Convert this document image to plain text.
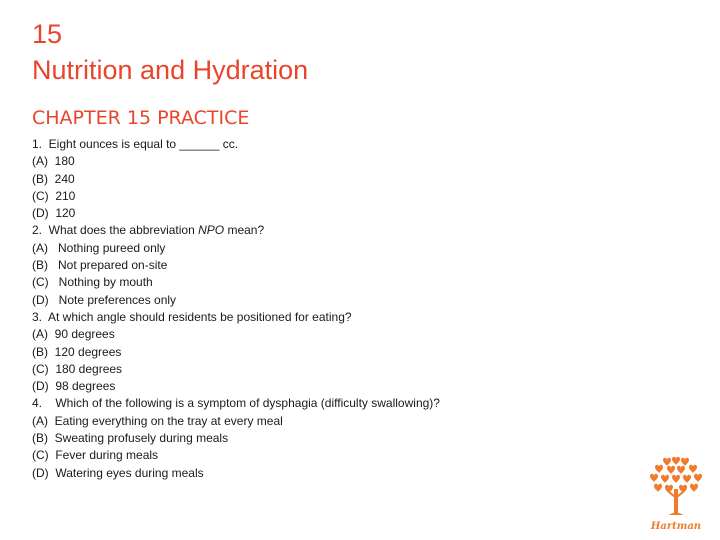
15
Nutrition and Hydration
CHAPTER 15 PRACTICE
1.  Eight ounces is equal to ______ cc.
(A)  180
(B)  240
(C)  210
(D)  120
2.  What does the abbreviation NPO mean?
(A)   Nothing pureed only
(B)   Not prepared on-site
(C)   Nothing by mouth
(D)   Note preferences only
3.  At which angle should residents be positioned for eating?
(A)  90 degrees
(B)  120 degrees
(C)  180 degrees
(D)  98 degrees
4.    Which of the following is a symptom of dysphagia (difficulty swallowing)?
(A)  Eating everything on the tray at every meal
(B)  Sweating profusely during meals
(C)  Fever during meals
(D)  Watering eyes during meals
Hartman
